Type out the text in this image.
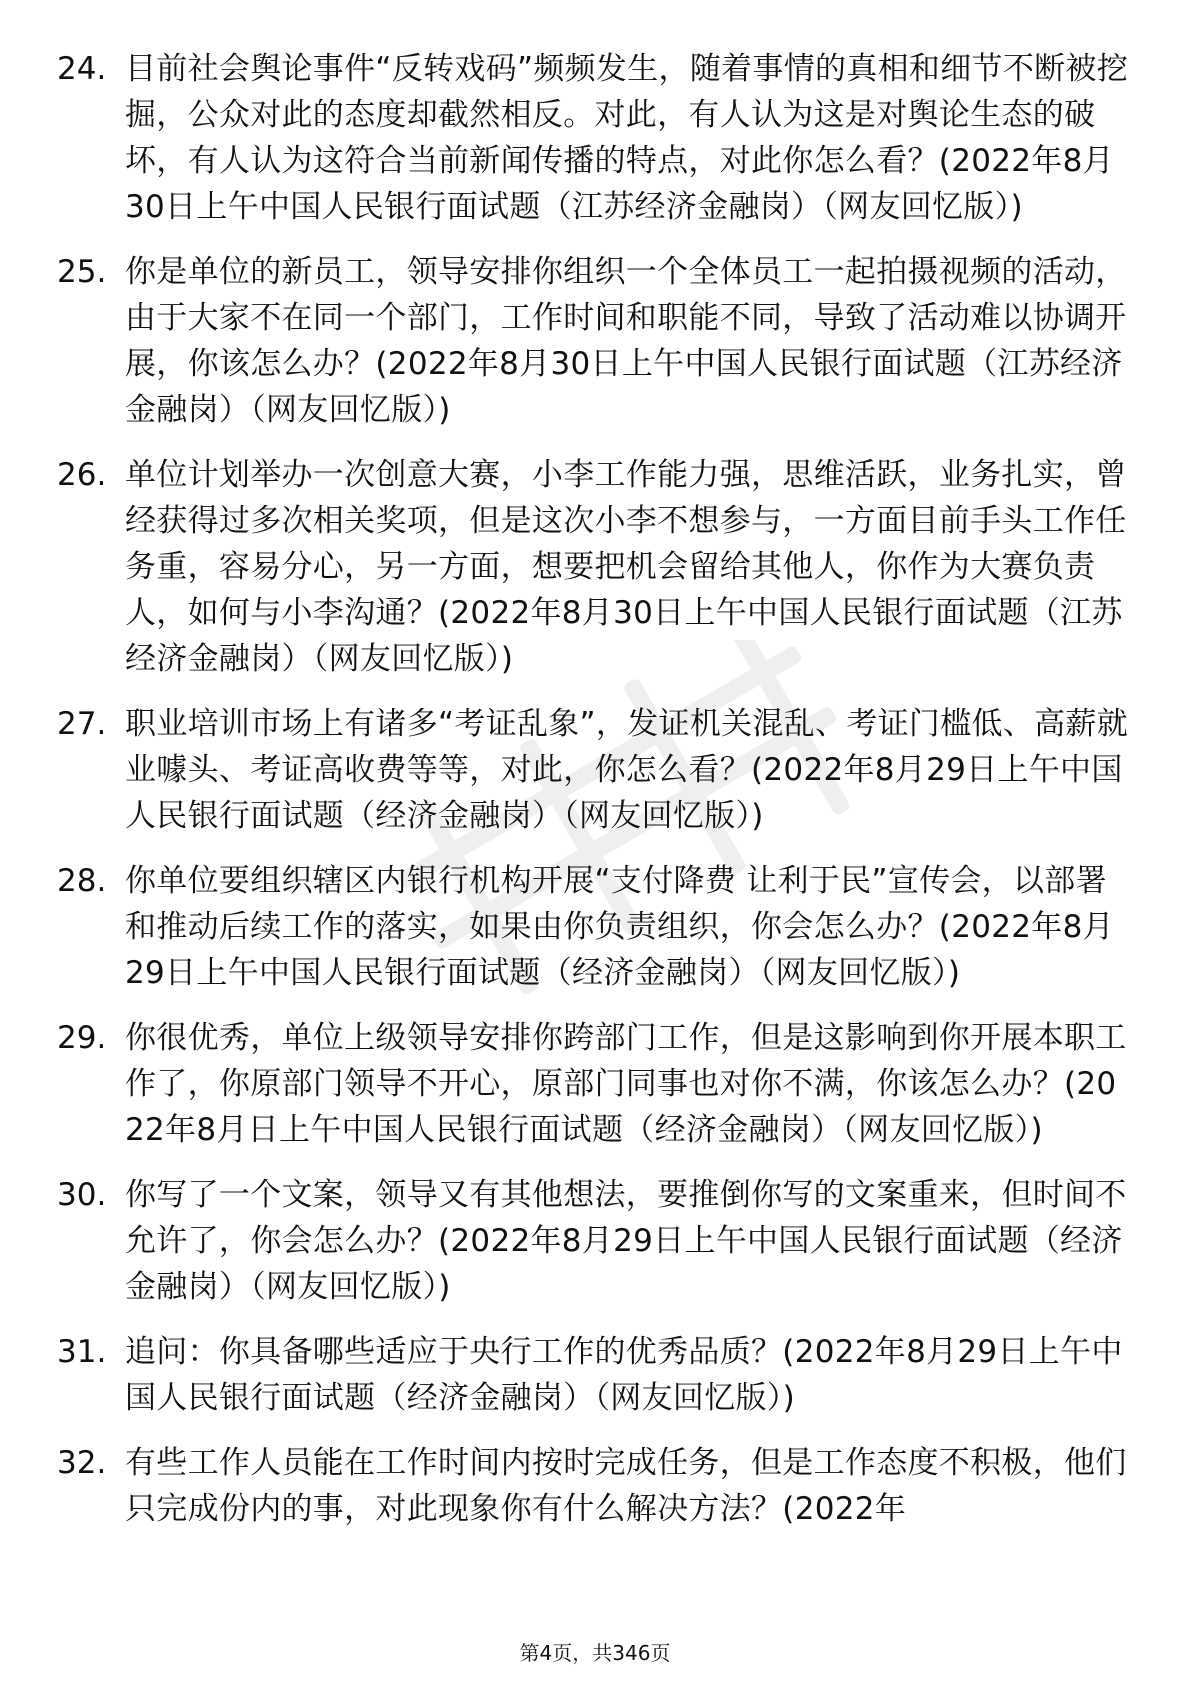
24. 目前社会舆论事件“反转戏码”频频发生，随着事情的真相和细节不断被挖掘，公众对此的态度却截然相反。对此，有人认为这是对舆论生态的破坏，有人认为这符合当前新闻传播的特点，对此你怎么看？(2022年8月30日上午中国人民银行面试题（江苏经济金融岗）（网友回忆版）)
25. 你是单位的新员工，领导安排你组织一个全体员工一起拍摄视频的活动，由于大家不在同一个部门，工作时间和职能不同，导致了活动难以协调开展，你该怎么办？(2022年8月30日上午中国人民银行面试题（江苏经济金融岗）（网友回忆版）)
26. 单位计划举办一次创意大赛，小李工作能力强，思维活跃，业务扎实，曾经获得过多次相关奖项，但是这次小李不想参与，一方面目前手头工作任务重，容易分心，另一方面，想要把机会留给其他人，你作为大赛负责人，如何与小李沟通？(2022年8月30日上午中国人民银行面试题（江苏经济金融岗）（网友回忆版）)
27. 职业培训市场上有诸多“考证乱象”，发证机关混乱、考证门槛低、高薪就业噱头、考证高收费等等，对此，你怎么看？(2022年8月29日上午中国人民银行面试题（经济金融岗）（网友回忆版）)
28. 你单位要组织辖区内银行机构开展“支付降费 让利于民”宣传会，以部署和推动后续工作的落实，如果由你负责组织，你会怎么办？(2022年8月29日上午中国人民银行面试题（经济金融岗）（网友回忆版）)
29. 你很优秀，单位上级领导安排你跨部门工作，但是这影响到你开展本职工作了，你原部门领导不开心，原部门同事也对你不满，你该怎么办？(2022年8月日上午中国人民银行面试题（经济金融岗）（网友回忆版）)
30. 你写了一个文案，领导又有其他想法，要推倒你写的文案重来，但时间不允许了，你会怎么办？(2022年8月29日上午中国人民银行面试题（经济金融岗）（网友回忆版）)
31. 追问：你具备哪些适应于央行工作的优秀品质？(2022年8月29日上午中国人民银行面试题（经济金融岗）（网友回忆版）)
32. 有些工作人员能在工作时间内按时完成任务，但是工作态度不积极，他们只完成份内的事，对此现象你有什么解决方法？(2022年
第4页，共346页
